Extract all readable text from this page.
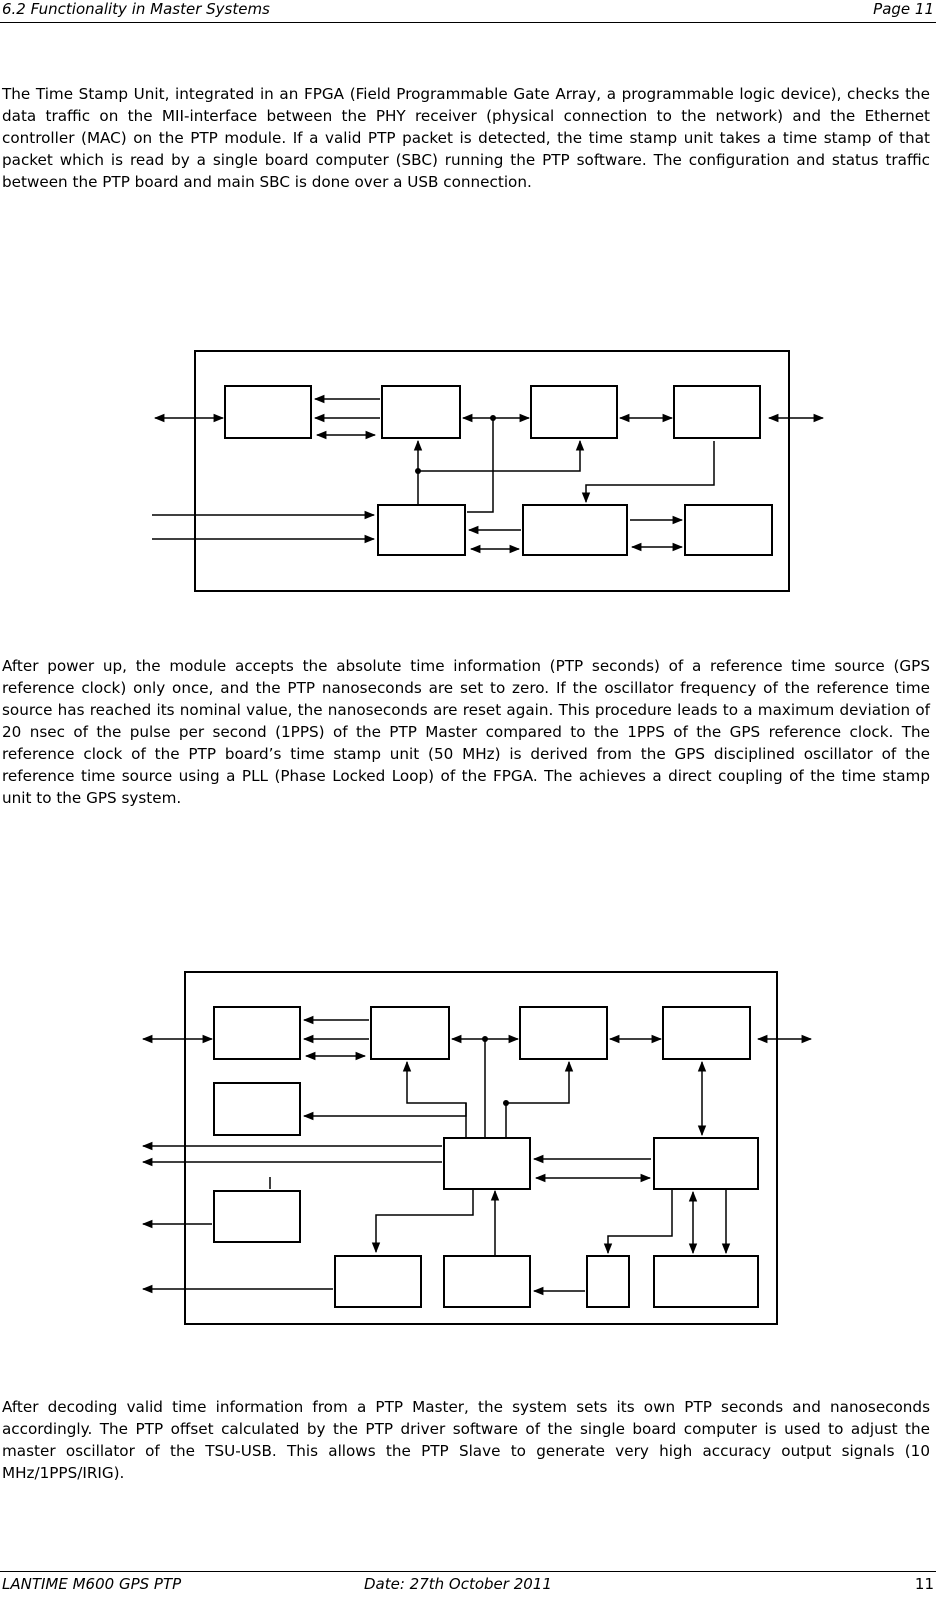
6.2 Functionality in Master Systems	Page 11

The Time Stamp Unit, integrated in an FPGA (Field Programmable Gate Array, a programmable logic device), checks the data traffic on the MII-interface between the PHY receiver (physical connection to the network) and the Ethernet controller (MAC) on the PTP module. If a valid PTP packet is detected, the time stamp unit takes a time stamp of that packet which is read by a single board computer (SBC) running the PTP software. The configuration and status traffic between the PTP board and main SBC is done over a USB connection.

After power up, the module accepts the absolute time information (PTP seconds) of a reference time source (GPS reference clock) only once, and the PTP nanoseconds are set to zero. If the oscillator frequency of the reference time source has reached its nominal value, the nanoseconds are reset again. This procedure leads to a maximum deviation of 20 nsec of the pulse per second (1PPS) of the PTP Master compared to the 1PPS of the GPS reference clock. The reference clock of the PTP board’s time stamp unit (50 MHz) is derived from the GPS disciplined oscillator of the reference time source using a PLL (Phase Locked Loop) of the FPGA. The achieves a direct coupling of the time stamp unit to the GPS system.

After decoding valid time information from a PTP Master, the system sets its own PTP seconds and nanoseconds accordingly. The PTP offset calculated by the PTP driver software of the single board computer is used to adjust the master oscillator of the TSU-USB. This allows the PTP Slave to generate very high accuracy output signals (10 MHz/1PPS/IRIG).

LANTIME M600 GPS PTP	Date: 27th October 2011	11
